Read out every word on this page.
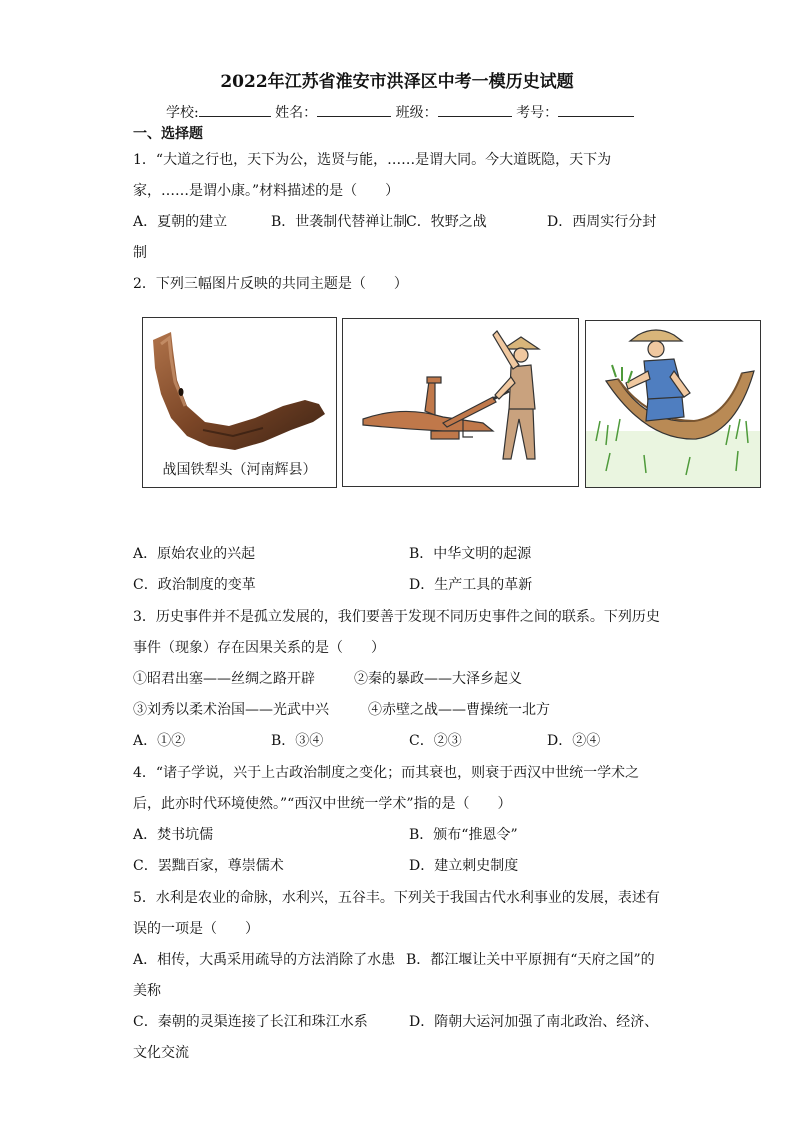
2022年江苏省淮安市洪泽区中考一模历史试题
学校:	姓名：	班级：	考号：
一、选择题
1．“大道之行也，天下为公，选贤与能，……是谓大同。今大道既隐，天下为
家，……是谓小康。”材料描述的是（　　）
A．夏朝的建立	B．世袭制代替禅让制
C．牧野之战	D．西周实行分封
制
2．下列三幅图片反映的共同主题是（　　）
战国铁犁头（河南辉县）
A．原始农业的兴起	B．中华文明的起源
C．政治制度的变革	D．生产工具的革新
3．历史事件并不是孤立发展的，我们要善于发现不同历史事件之间的联系。下列历史
事件（现象）存在因果关系的是（　　）
①昭君出塞——丝绸之路开辟	②秦的暴政——大泽乡起义
③刘秀以柔术治国——光武中兴	④赤壁之战——曹操统一北方
A．①②	B．③④	C．②③	D．②④
4．“诸子学说，兴于上古政治制度之变化；而其衰也，则衰于西汉中世统一学术之
后，此亦时代环境使然。”“西汉中世统一学术”指的是（　　）
A．焚书坑儒	B．颁布“推恩令”
C．罢黜百家，尊崇儒术	D．建立刺史制度
5．水利是农业的命脉，水利兴，五谷丰。下列关于我国古代水利事业的发展，表述有
误的一项是（　　）
A．相传，大禹采用疏导的方法消除了水患 B．都江堰让关中平原拥有“天府之国”的
美称
C．秦朝的灵渠连接了长江和珠江水系	D．隋朝大运河加强了南北政治、经济、
文化交流
